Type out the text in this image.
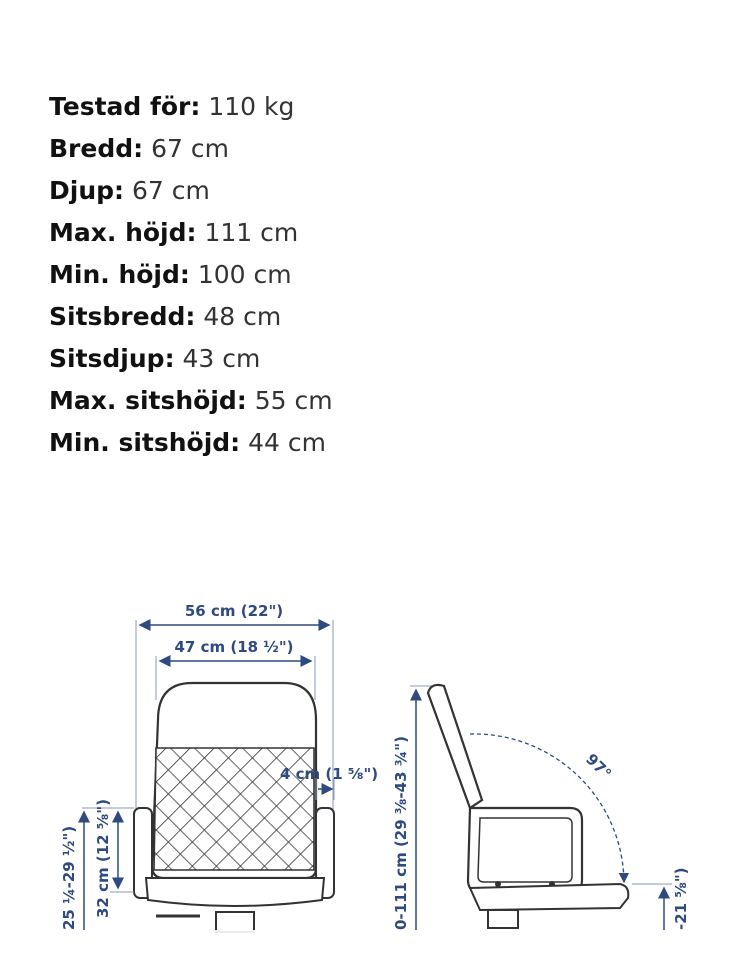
Testad för: 110 kg
Bredd: 67 cm
Djup: 67 cm
Max. höjd: 111 cm
Min. höjd: 100 cm
Sitsbredd: 48 cm
Sitsdjup: 43 cm
Max. sitshöjd: 55 cm
Min. sitshöjd: 44 cm
56 cm (22")
47 cm (18 ½")
4 cm (1 ⅝")
32 cm (12 ⅝")
25 ¼-29 ½")	0-111 cm (29 ⅜-43 ¾")	97°
-21 ⅝")
